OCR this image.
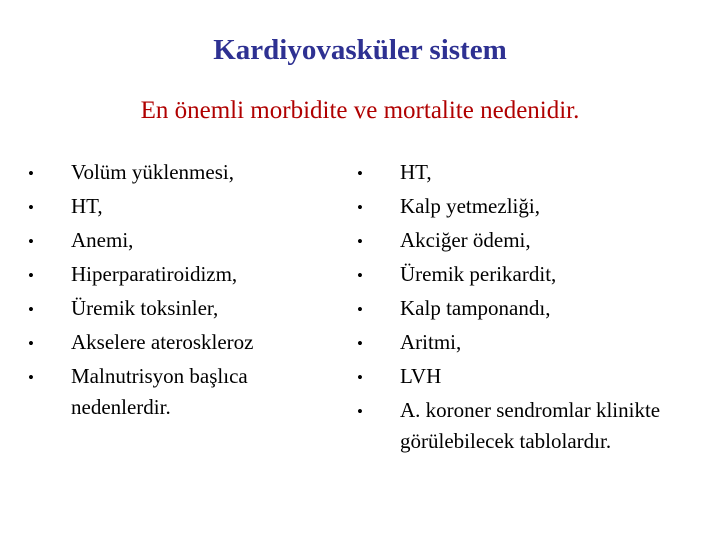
Kardiyovasküler sistem
En önemli morbidite ve mortalite nedenidir.
•	Volüm yüklenmesi,
•	HT,
•	Anemi,
•	Hiperparatiroidizm,
•	Üremik toksinler,
•	Akselere ateroskleroz
•	Malnutrisyon başlıca nedenlerdir.
•	HT,
•	Kalp yetmezliği,
•	Akciğer ödemi,
•	Üremik perikardit,
•	Kalp tamponandı,
•	Aritmi,
•	LVH
•	A. koroner sendromlar klinikte görülebilecek tablolardır.
